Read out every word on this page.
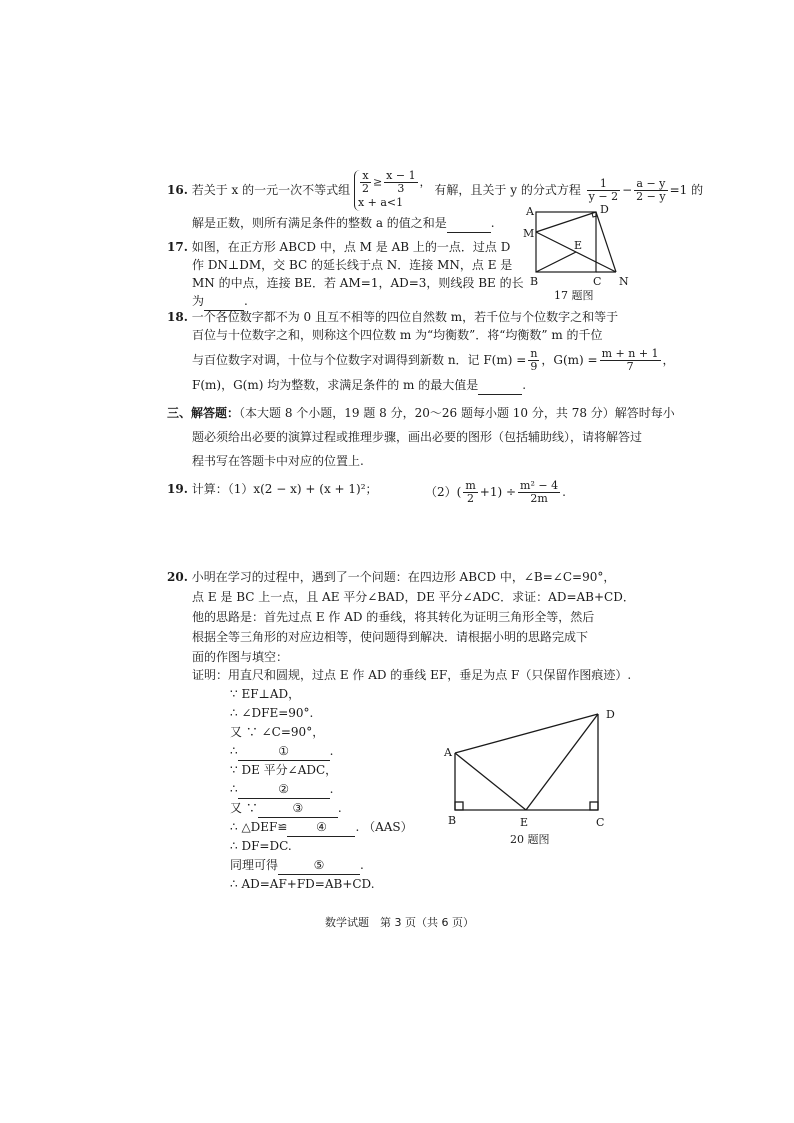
16. 若关于 x 的一元一次不等式组 $\frac{x}{2} \ge \frac{x - 1}{3}$ ，
x + a<1
有解，且关于 y 的分式方程 $\frac{1}{y - 2} - \frac{a - y}{2 - y} =1$ 的
解是正数，则所有满足条件的整数 a 的值之和是	.
17. 如图，在正方形 ABCD 中，点 M 是 AB 上的一点．过点 D
作 DN⊥DM，交 BC 的延长线于点 N．连接 MN，点 E 是
MN 的中点，连接 BE．若 AM=1，AD=3，则线段 BE 的长
为	.
A	D
M
E
B	C N
17 题图
18. 一个各位数字都不为 0 且互不相等的四位自然数 m，若千位与个位数字之和等于
百位与十位数字之和，则称这个四位数 m 为“均衡数”．将“均衡数” m 的千位
与百位数字对调，十位与个位数字对调得到新数 n．记 $F(m) = \frac{n}{9}$ ，$G(m) = \frac{m + n + 1}{7}$ ，
F(m)，G(m) 均为整数，求满足条件的 m 的最大值是	.
三、解答题：（本大题 8 个小题，19 题 8 分，20～26 题每小题 10 分，共 78 分）解答时每小
题必须给出必要的演算过程或推理步骤，画出必要的图形（包括辅助线），请将解答过
程书写在答题卡中对应的位置上.
19. 计算：（1）x(2 − x) + (x + 1)²；	$(2)( \frac{m}{2} +1) \div \frac{\text{m² − 4}}{2m}$ .
20. 小明在学习的过程中，遇到了一个问题：在四边形 ABCD 中，∠B=∠C=90°，
点 E 是 BC 上一点，且 AE 平分∠BAD，DE 平分∠ADC．求证：AD=AB+CD．
他的思路是：首先过点 E 作 AD 的垂线，将其转化为证明三角形全等，然后
根据全等三角形的对应边相等，使问题得到解决．请根据小明的思路完成下
面的作图与填空：
证明：用直尺和圆规，过点 E 作 AD 的垂线 EF，垂足为点 F（只保留作图痕迹）.
∵ EF⊥AD，
∴ ∠DFE=90°.
又 ∵ ∠C=90°，
∴	①	.
∵ DE 平分∠ADC，
∴	②	.
又 ∵	③	.
∴ △DEF≌ ④ . （AAS）
∴ DF=DC.
同理可得	⑤	.
∴ AD=AF+FD=AB+CD.
A
D
B	E	C
20 题图
数学试题　第 3 页（共 6 页）
